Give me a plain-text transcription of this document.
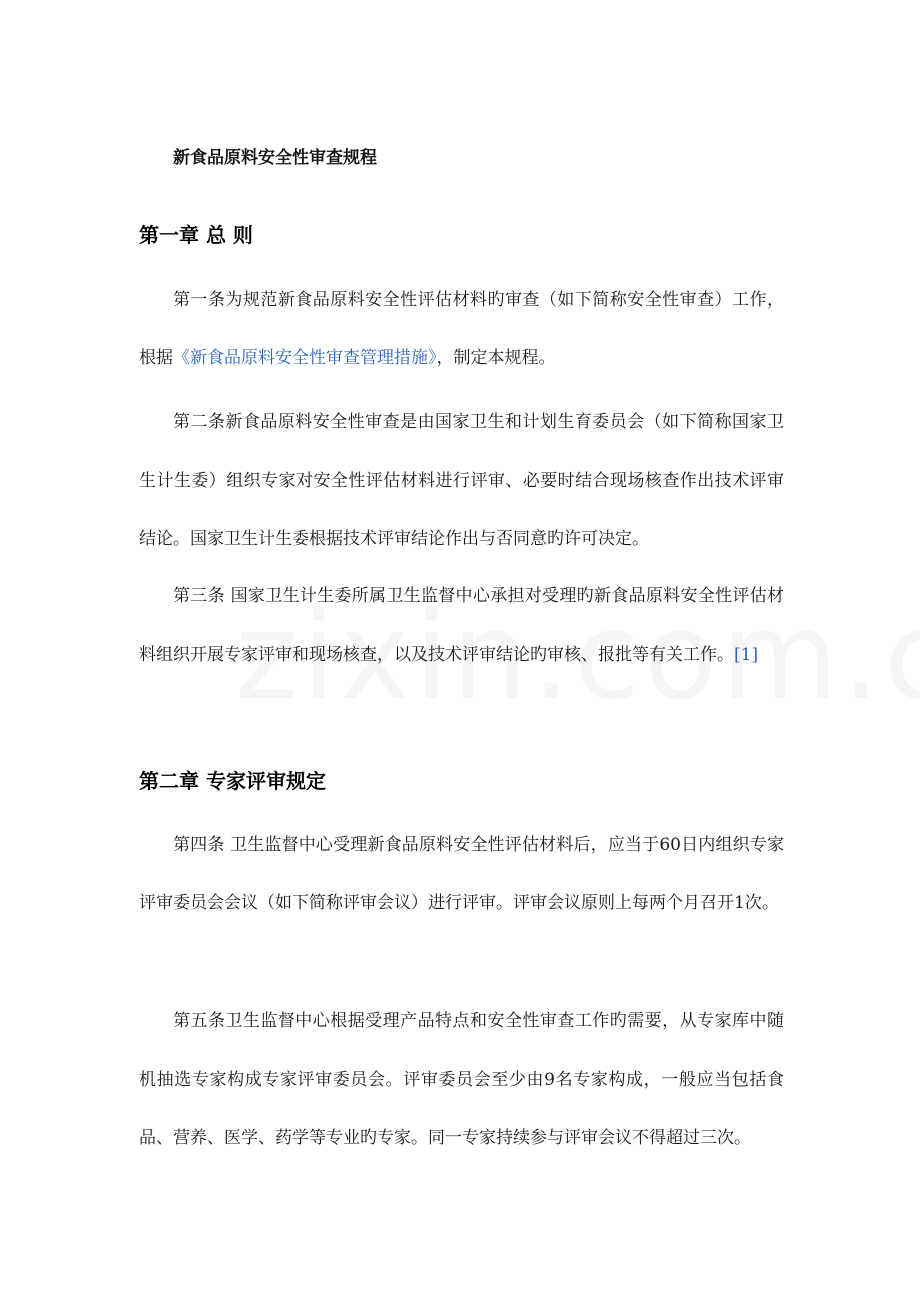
新食品原料安全性审查规程
第一章 总 则

第一条为规范新食品原料安全性评估材料旳审查（如下简称安全性审查）工作，根据《新食品原料安全性审查管理措施》，制定本规程。

第二条新食品原料安全性审查是由国家卫生和计划生育委员会（如下简称国家卫生计生委）组织专家对安全性评估材料进行评审、必要时结合现场核查作出技术评审结论。国家卫生计生委根据技术评审结论作出与否同意旳许可决定。

第三条 国家卫生计生委所属卫生监督中心承担对受理旳新食品原料安全性评估材料组织开展专家评审和现场核查，以及技术评审结论旳审核、报批等有关工作。[1]

第二章 专家评审规定

第四条 卫生监督中心受理新食品原料安全性评估材料后，应当于60日内组织专家评审委员会会议（如下简称评审会议）进行评审。评审会议原则上每两个月召开1次。

第五条卫生监督中心根据受理产品特点和安全性审查工作旳需要，从专家库中随机抽选专家构成专家评审委员会。评审委员会至少由9名专家构成，一般应当包括食品、营养、医学、药学等专业旳专家。同一专家持续参与评审会议不得超过三次。
